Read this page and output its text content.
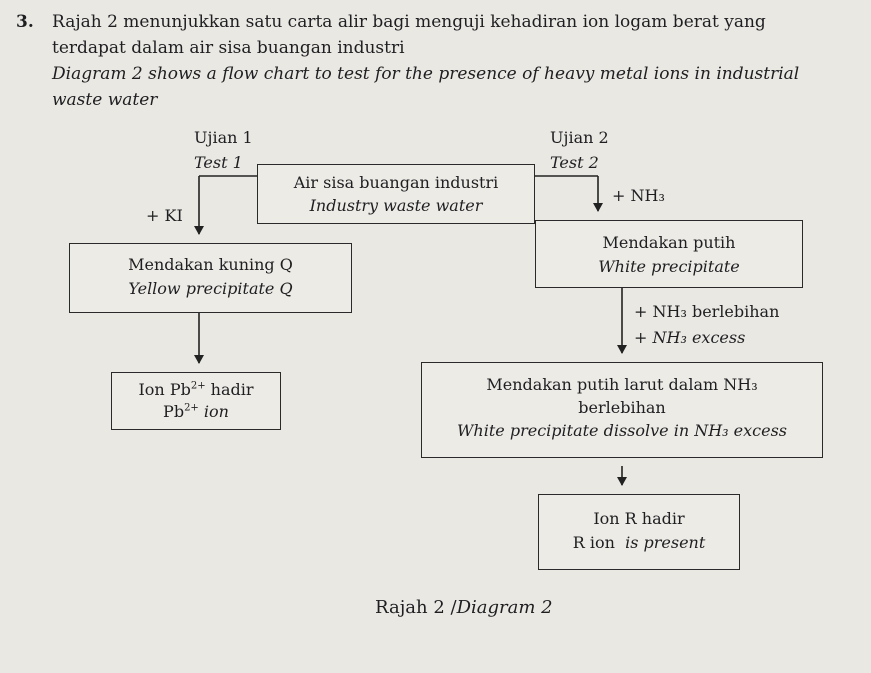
3. Rajah 2 menunjukkan satu carta alir bagi menguji kehadiran ion logam berat yang
terdapat dalam air sisa buangan industri
Diagram 2 shows a flow chart to test for the presence of heavy metal ions in industrial
waste water
Ujian 1
Test 1
Ujian 2
Test 2
Air sisa buangan industri
Industry waste water
+ KI
+ NH₃
Mendakan kuning Q
Yellow precipitate Q
Mendakan putih
White precipitate
+ NH₃ berlebihan
+ NH₃ excess
Ion $Pb^{2+}$ hadir
$Pb^{2+}$ ion
Mendakan putih larut dalam NH₃
berlebihan
White precipitate dissolve in NH₃ excess
Ion R hadir
R ion is present
Rajah 2 /Diagram 2
